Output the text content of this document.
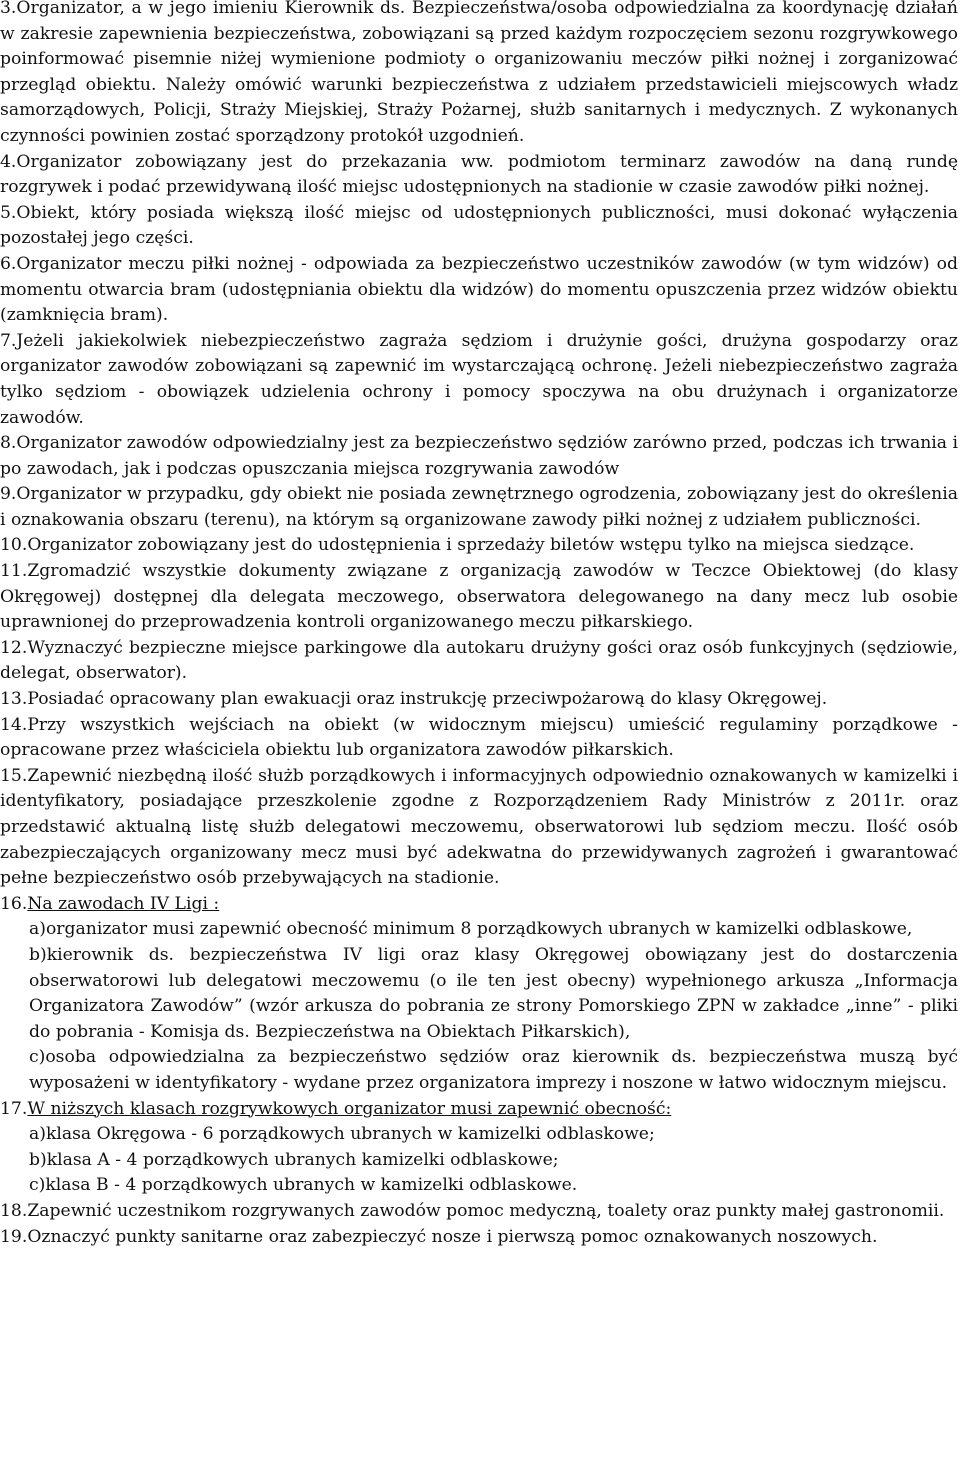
3.Organizator, a w jego imieniu Kierownik ds. Bezpieczeństwa/osoba odpowiedzialna za koordynację działań w zakresie zapewnienia bezpieczeństwa, zobowiązani są przed każdym rozpoczęciem sezonu rozgrywkowego poinformować pisemnie niżej wymienione podmioty o organizowaniu meczów piłki nożnej i zorganizować przegląd obiektu. Należy omówić warunki bezpieczeństwa z udziałem przedstawicieli miejscowych władz samorządowych, Policji, Straży Miejskiej, Straży Pożarnej, służb sanitarnych i medycznych. Z wykonanych czynności powinien zostać sporządzony protokół uzgodnień.

4.Organizator zobowiązany jest do przekazania ww. podmiotom terminarz zawodów na daną rundę rozgrywek i podać przewidywaną ilość miejsc udostępnionych na stadionie w czasie zawodów piłki nożnej.

5.Obiekt, który posiada większą ilość miejsc od udostępnionych publiczności, musi dokonać wyłączenia pozostałej jego części.

6.Organizator meczu piłki nożnej - odpowiada za bezpieczeństwo uczestników zawodów (w tym widzów) od momentu otwarcia bram (udostępniania obiektu dla widzów) do momentu opuszczenia przez widzów obiektu (zamknięcia bram).

7.Jeżeli jakiekolwiek niebezpieczeństwo zagraża sędziom i drużynie gości, drużyna gospodarzy oraz organizator zawodów zobowiązani są zapewnić im wystarczającą ochronę. Jeżeli niebezpieczeństwo zagraża tylko sędziom - obowiązek udzielenia ochrony i pomocy spoczywa na obu drużynach i organizatorze zawodów.

8.Organizator zawodów odpowiedzialny jest za bezpieczeństwo sędziów zarówno przed, podczas ich trwania i po zawodach, jak i podczas opuszczania miejsca rozgrywania zawodów

9.Organizator w przypadku, gdy obiekt nie posiada zewnętrznego ogrodzenia, zobowiązany jest do określenia i oznakowania obszaru (terenu), na którym są organizowane zawody piłki nożnej z udziałem publiczności.

10.Organizator zobowiązany jest do udostępnienia i sprzedaży biletów wstępu tylko na miejsca siedzące.

11.Zgromadzić wszystkie dokumenty związane z organizacją zawodów w Teczce Obiektowej (do klasy Okręgowej) dostępnej dla delegata meczowego, obserwatora delegowanego na dany mecz lub osobie uprawnionej do przeprowadzenia kontroli organizowanego meczu piłkarskiego.

12.Wyznaczyć bezpieczne miejsce parkingowe dla autokaru drużyny gości oraz osób funkcyjnych (sędziowie, delegat, obserwator).

13.Posiadać opracowany plan ewakuacji oraz instrukcję przeciwpożarową do klasy Okręgowej.

14.Przy wszystkich wejściach na obiekt (w widocznym miejscu) umieścić regulaminy porządkowe - opracowane przez właściciela obiektu lub organizatora zawodów piłkarskich.

15.Zapewnić niezbędną ilość służb porządkowych i informacyjnych odpowiednio oznakowanych w kamizelki i identyfikatory, posiadające przeszkolenie zgodne z Rozporządzeniem Rady Ministrów z 2011r. oraz przedstawić aktualną listę służb delegatowi meczowemu, obserwatorowi lub sędziom meczu. Ilość osób zabezpieczających organizowany mecz musi być adekwatna do przewidywanych zagrożeń i gwarantować pełne bezpieczeństwo osób przebywających na stadionie.

16.Na zawodach IV Ligi :

a)organizator musi zapewnić obecność minimum 8 porządkowych ubranych w kamizelki odblaskowe,

b)kierownik ds. bezpieczeństwa IV ligi oraz klasy Okręgowej obowiązany jest do dostarczenia obserwatorowi lub delegatowi meczowemu (o ile ten jest obecny) wypełnionego arkusza „Informacja Organizatora Zawodów” (wzór arkusza do pobrania ze strony Pomorskiego ZPN w zakładce „inne” - pliki do pobrania - Komisja ds. Bezpieczeństwa na Obiektach Piłkarskich),

c)osoba odpowiedzialna za bezpieczeństwo sędziów oraz kierownik ds. bezpieczeństwa muszą być wyposażeni w identyfikatory - wydane przez organizatora imprezy i noszone w łatwo widocznym miejscu.

17.W niższych klasach rozgrywkowych organizator musi zapewnić obecność:

a)klasa Okręgowa - 6 porządkowych ubranych w kamizelki odblaskowe;

b)klasa A - 4 porządkowych ubranych kamizelki odblaskowe;

c)klasa B - 4 porządkowych ubranych w kamizelki odblaskowe.

18.Zapewnić uczestnikom rozgrywanych zawodów pomoc medyczną, toalety oraz punkty małej gastronomii.

19.Oznaczyć punkty sanitarne oraz zabezpieczyć nosze i pierwszą pomoc oznakowanych noszowych.
